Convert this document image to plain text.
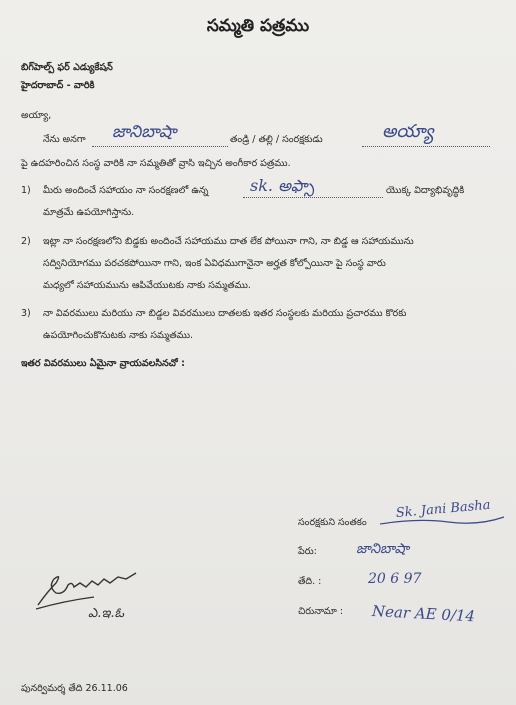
సమ్మతి పత్రము
బిగ్‌హెల్ప్ ఫర్ ఎడ్యుకేషన్
హైదరాబాద్ - వారికి
అయ్యా,
నేను అనగా జానిబాషా	తండ్రి / తల్లి / సంరక్షకుడు	అయ్యా
పై ఉదహరించిన సంస్థ వారికి నా సమ్మతితో వ్రాసి ఇచ్చిన అంగీకార పత్రము.
1) మీరు అందించే సహాయం నా సంరక్షణలో ఉన్న	sk. అఫ్సా	యొక్క విద్యాభివృద్ధికి
మాత్రమే ఉపయోగిస్తాను.
2) ఇట్లా నా సంరక్షణలోని బిడ్డకు అందించే సహాయము దాత లేక పోయినా గాని, నా బిడ్డ ఆ సహాయమును
సద్వినియోగము పరచకపోయినా గాని, ఇంక ఏవిధముగానైనా అర్హత కోల్పోయినా పై సంస్థ వారు
మధ్యలో సహాయమును ఆపివేయుటకు నాకు సమ్మతము.
3) నా వివరములు మరియు నా బిడ్డల వివరములు దాతలకు ఇతర సంస్థలకు మరియు ప్రచారము కొరకు
ఉపయోగించుకొనుటకు నాకు సమ్మతము.
ఇతర వివరములు ఏమైనా వ్రాయవలసినచో :
సంరక్షకుని సంతకం
Sk. Jani Basha
పేరు:	జానిబాషా
తేది. :	20 6 97
చిరునామా : Near AE 0/14
ఎ.ఇ.ఓ
పునర్విమర్శ తేది 26.11.06
